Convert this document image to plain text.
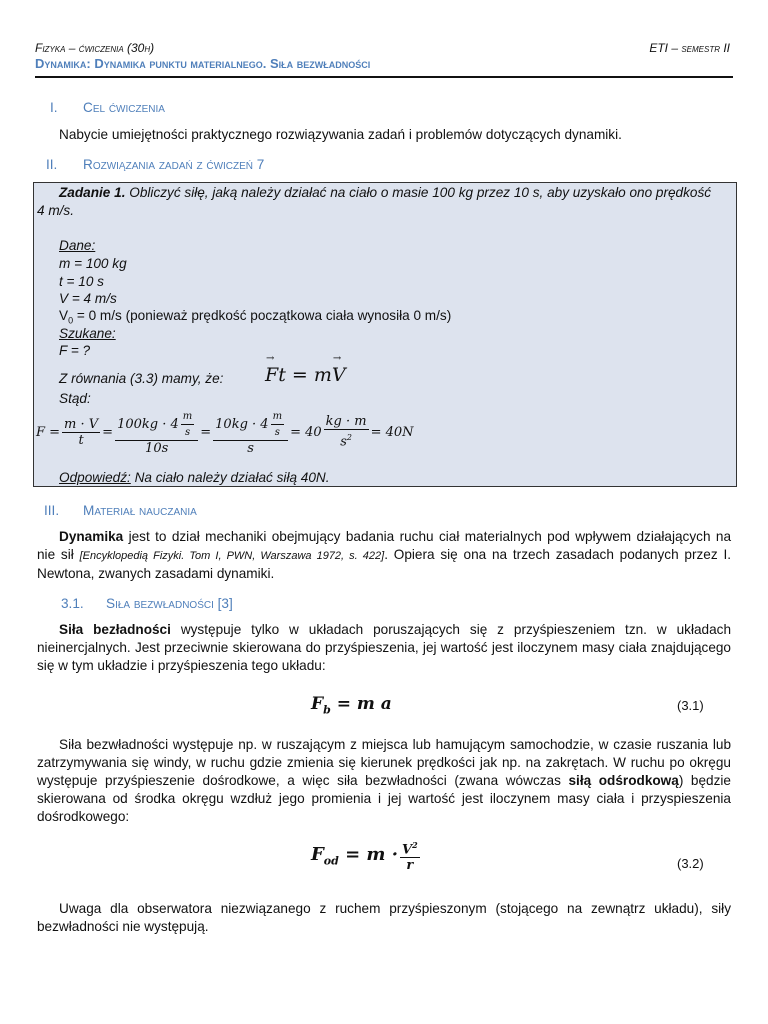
Fizyka – ćwiczenia (30h)	ETI – semestr II
Dynamika: Dynamika punktu materialnego. Siła bezwładności
I. Cel ćwiczenia
Nabycie umiejętności praktycznego rozwiązywania zadań i problemów dotyczących dynamiki.
II. Rozwiązania zadań z ćwiczeń 7
Zadanie 1. Obliczyć siłę, jaką należy działać na ciało o masie 100 kg przez 10 s, aby uzyskało ono prędkość
4 m/s.
Dane:
m = 100 kg
t = 10 s
V = 4 m/s
$V_0 = 0$ m/s (ponieważ prędkość początkowa ciała wynosiła 0 m/s)
Szukane:
F = ?
Z równania (3.3) mamy, że:
→ Ft = m→ V
Stąd:
$F = \frac{m \cdot V}{t} = \frac{100kg \cdot 4 \frac{m}{s}}{10s} = \frac{10kg \cdot 4 \frac{m}{s}}{s} = 40 \frac{kg \cdot m}{s^2} = 40N$
Odpowiedź: Na ciało należy działać siłą 40N.
III. Materiał nauczania
Dynamika jest to dział mechaniki obejmujący badania ruchu ciał materialnych pod wpływem działających na nie sił [Encyklopedią Fizyki. Tom I, PWN, Warszawa 1972, s. 422]. Opiera się ona na trzech zasadach podanych przez I. Newtona, zwanych zasadami dynamiki.
3.1. Siła bezwładności [3]
Siła bezładności występuje tylko w układach poruszających się z przyśpieszeniem tzn. w układach nieinercjalnych. Jest przeciwnie skierowana do przyśpieszenia, jej wartość jest iloczynem masy ciała znajdującego się w tym układzie i przyśpieszenia tego układu:
$F_b = m$ a	(3.1)
Siła bezwładności występuje np. w ruszającym z miejsca lub hamującym samochodzie, w czasie ruszania lub zatrzymywania się windy, w ruchu gdzie zmienia się kierunek prędkości jak np. na zakrętach. W ruchu po okręgu występuje przyśpieszenie dośrodkowe, a więc siła bezwładności (zwana wówczas siłą odśrodkową) będzie skierowana od środka okręgu wzdłuż jego promienia i jej wartość jest iloczynem masy ciała i przyspieszenia dośrodkowego:
$F_{od} = m \cdot \frac{V^2}{r}$	(3.2)
Uwaga dla obserwatora niezwiązanego z ruchem przyśpieszonym (stojącego na zewnątrz układu), siły bezwładności nie występują.
